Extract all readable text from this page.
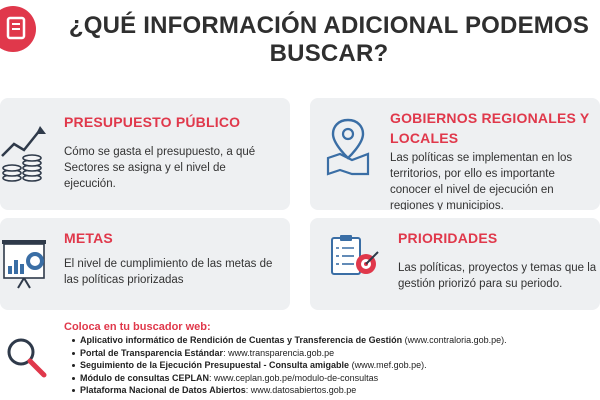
¿QUÉ INFORMACIÓN ADICIONAL PODEMOS
BUSCAR?
PRESUPUESTO PÚBLICO

Cómo se gasta el presupuesto, a qué Sectores se asigna y el nivel de ejecución.

GOBIERNOS REGIONALES Y
LOCALES

Las políticas se implementan en los territorios, por ello es importante conocer el nivel de ejecución en regiones y municipios.

METAS

El nivel de cumplimiento de las metas de las políticas priorizadas

PRIORIDADES

Las políticas, proyectos y temas que la gestión priorizó para su periodo.

Coloca en tu buscador web:
Aplicativo informático de Rendición de Cuentas y Transferencia de Gestión (www.contraloria.gob.pe).
Portal de Transparencia Estándar: www.transparencia.gob.pe
Seguimiento de la Ejecución Presupuestal - Consulta amigable (www.mef.gob.pe).
Módulo de consultas CEPLAN: www.ceplan.gob.pe/modulo-de-consultas
Plataforma Nacional de Datos Abiertos: www.datosabiertos.gob.pe
